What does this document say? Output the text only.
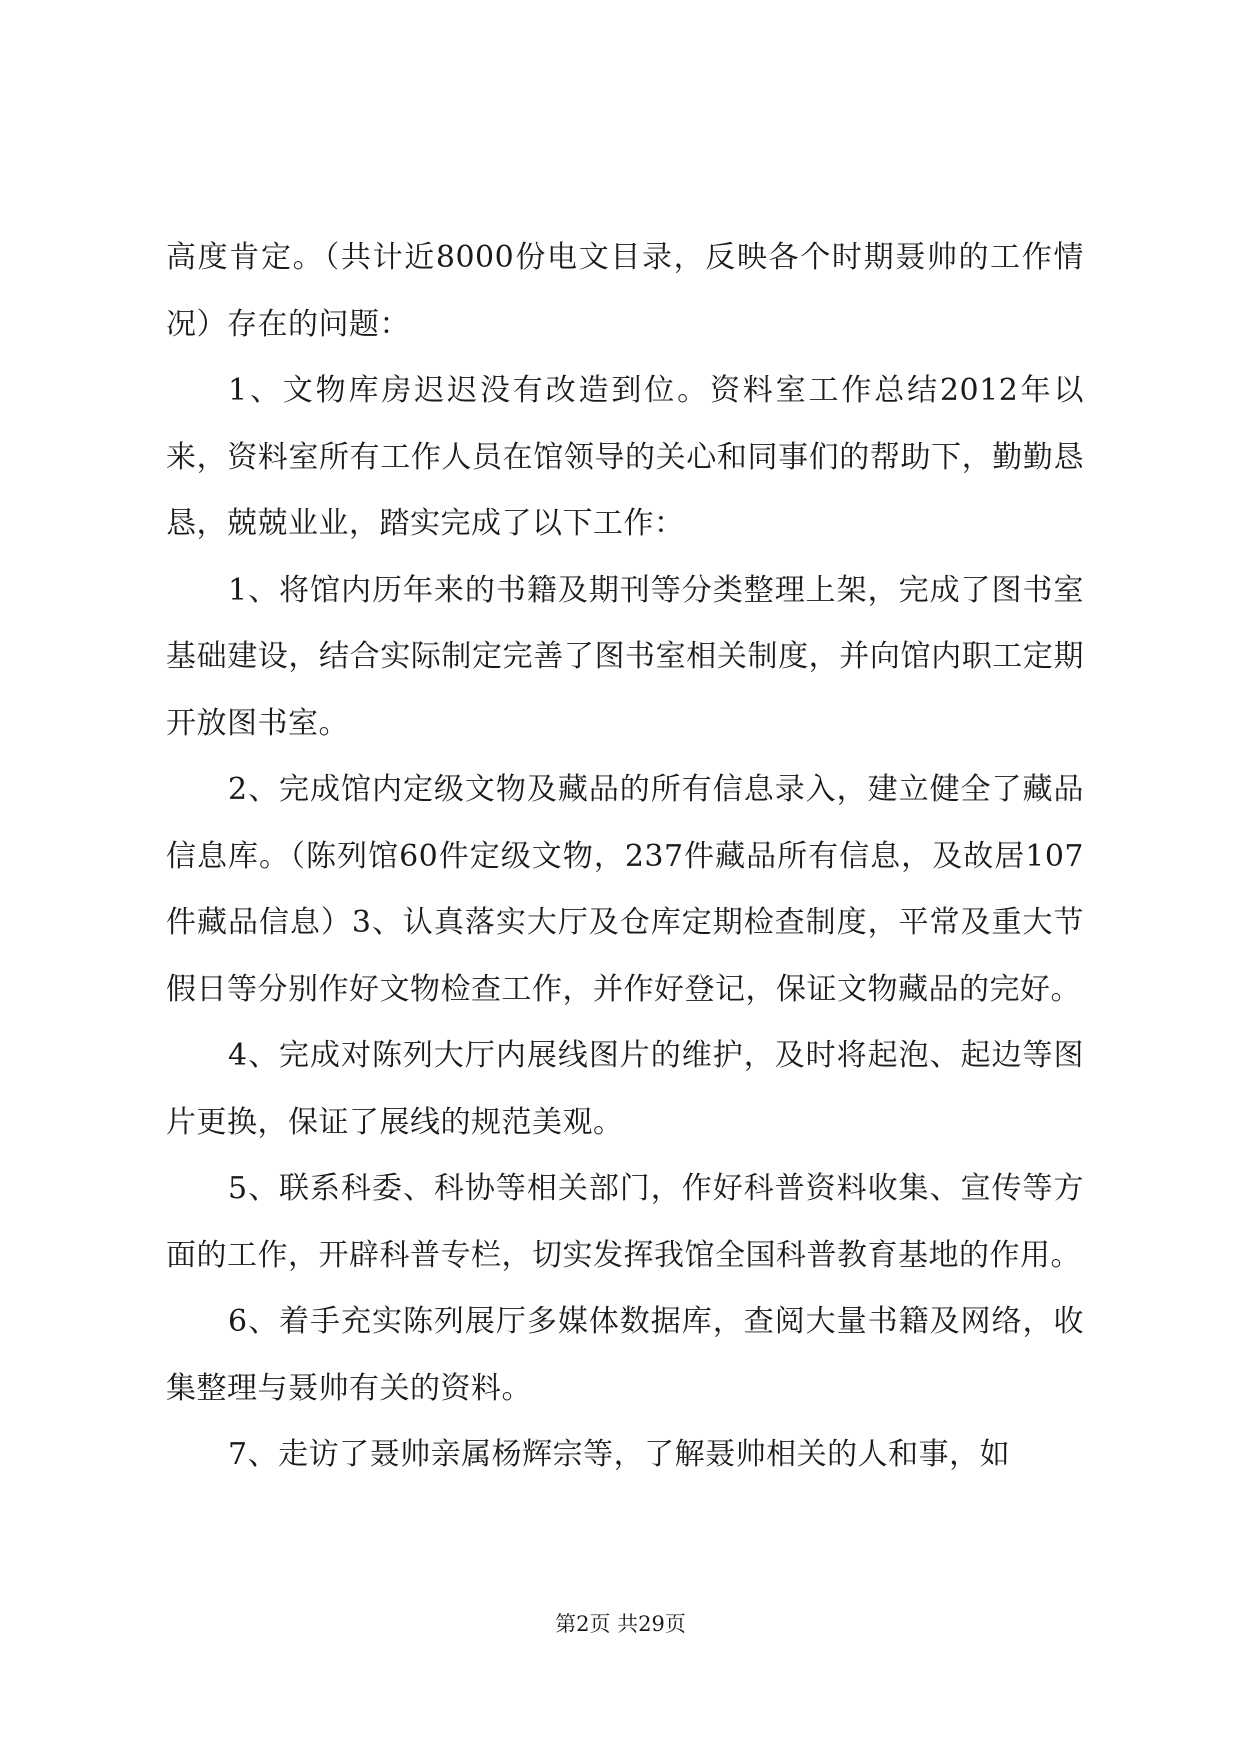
高度肯定。（共计近8000份电文目录，反映各个时期聂帅的工作情况）存在的问题：

1、文物库房迟迟没有改造到位。资料室工作总结2012年以来，资料室所有工作人员在馆领导的关心和同事们的帮助下，勤勤恳恳，兢兢业业，踏实完成了以下工作：

1、将馆内历年来的书籍及期刊等分类整理上架，完成了图书室基础建设，结合实际制定完善了图书室相关制度，并向馆内职工定期开放图书室。

2、完成馆内定级文物及藏品的所有信息录入，建立健全了藏品信息库。（陈列馆60件定级文物，237件藏品所有信息，及故居107件藏品信息）3、认真落实大厅及仓库定期检查制度，平常及重大节假日等分别作好文物检查工作，并作好登记，保证文物藏品的完好。

4、完成对陈列大厅内展线图片的维护，及时将起泡、起边等图片更换，保证了展线的规范美观。

5、联系科委、科协等相关部门，作好科普资料收集、宣传等方面的工作，开辟科普专栏，切实发挥我馆全国科普教育基地的作用。

6、着手充实陈列展厅多媒体数据库，查阅大量书籍及网络，收集整理与聂帅有关的资料。

7、走访了聂帅亲属杨辉宗等，了解聂帅相关的人和事，如

第2页 共29页
